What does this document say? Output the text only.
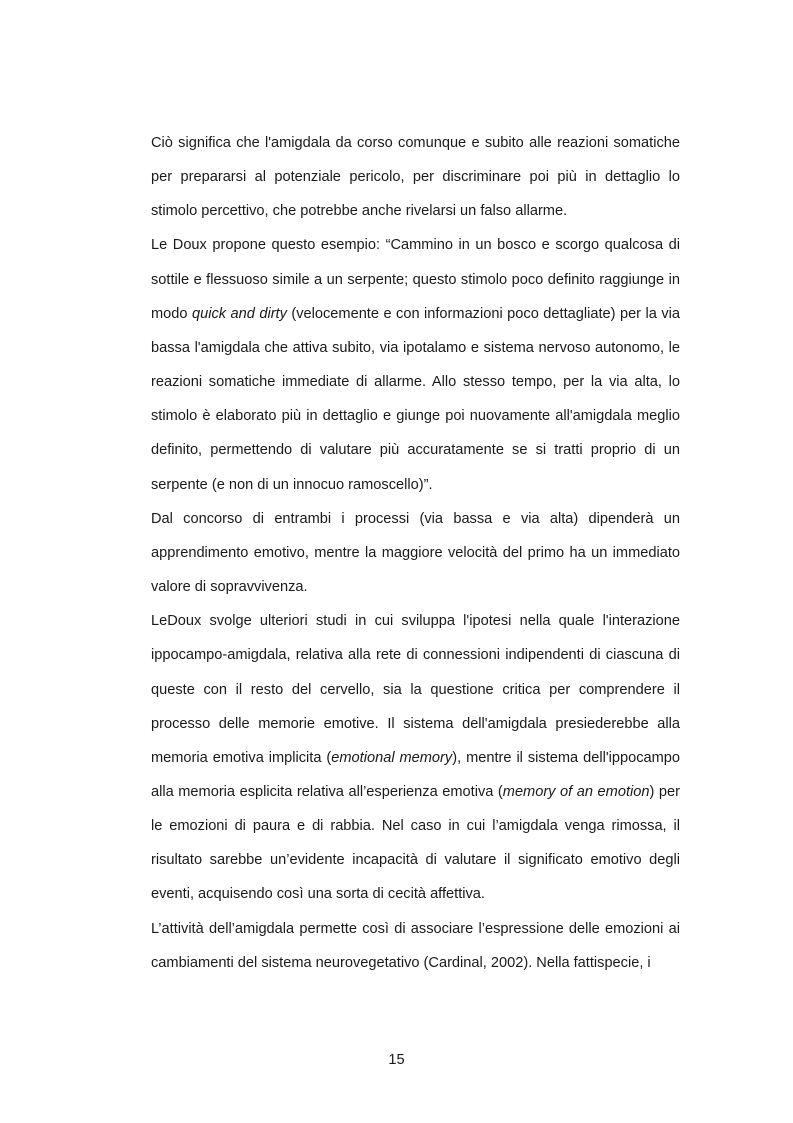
Ciò significa che l'amigdala da corso comunque e subito alle reazioni somatiche per prepararsi al potenziale pericolo, per discriminare poi più in dettaglio lo stimolo percettivo, che potrebbe anche rivelarsi un falso allarme.

Le Doux propone questo esempio: “Cammino in un bosco e scorgo qualcosa di sottile e flessuoso simile a un serpente; questo stimolo poco definito raggiunge in modo quick and dirty (velocemente e con informazioni poco dettagliate) per la via bassa l'amigdala che attiva subito, via ipotalamo e sistema nervoso autonomo, le reazioni somatiche immediate di allarme. Allo stesso tempo, per la via alta, lo stimolo è elaborato più in dettaglio e giunge poi nuovamente all'amigdala meglio definito, permettendo di valutare più accuratamente se si tratti proprio di un serpente (e non di un innocuo ramoscello)”.

Dal concorso di entrambi i processi (via bassa e via alta) dipenderà un apprendimento emotivo, mentre la maggiore velocità del primo ha un immediato valore di sopravvivenza.

LeDoux svolge ulteriori studi in cui sviluppa l'ipotesi nella quale l'interazione ippocampo-amigdala, relativa alla rete di connessioni indipendenti di ciascuna di queste con il resto del cervello, sia la questione critica per comprendere il processo delle memorie emotive. Il sistema dell'amigdala presiederebbe alla memoria emotiva implicita (emotional memory), mentre il sistema dell'ippocampo alla memoria esplicita relativa all’esperienza emotiva (memory of an emotion) per le emozioni di paura e di rabbia. Nel caso in cui l’amigdala venga rimossa, il risultato sarebbe un’evidente incapacità di valutare il significato emotivo degli eventi, acquisendo così una sorta di cecità affettiva.

L’attività dell’amigdala permette così di associare l’espressione delle emozioni ai cambiamenti del sistema neurovegetativo (Cardinal, 2002). Nella fattispecie, i

15
